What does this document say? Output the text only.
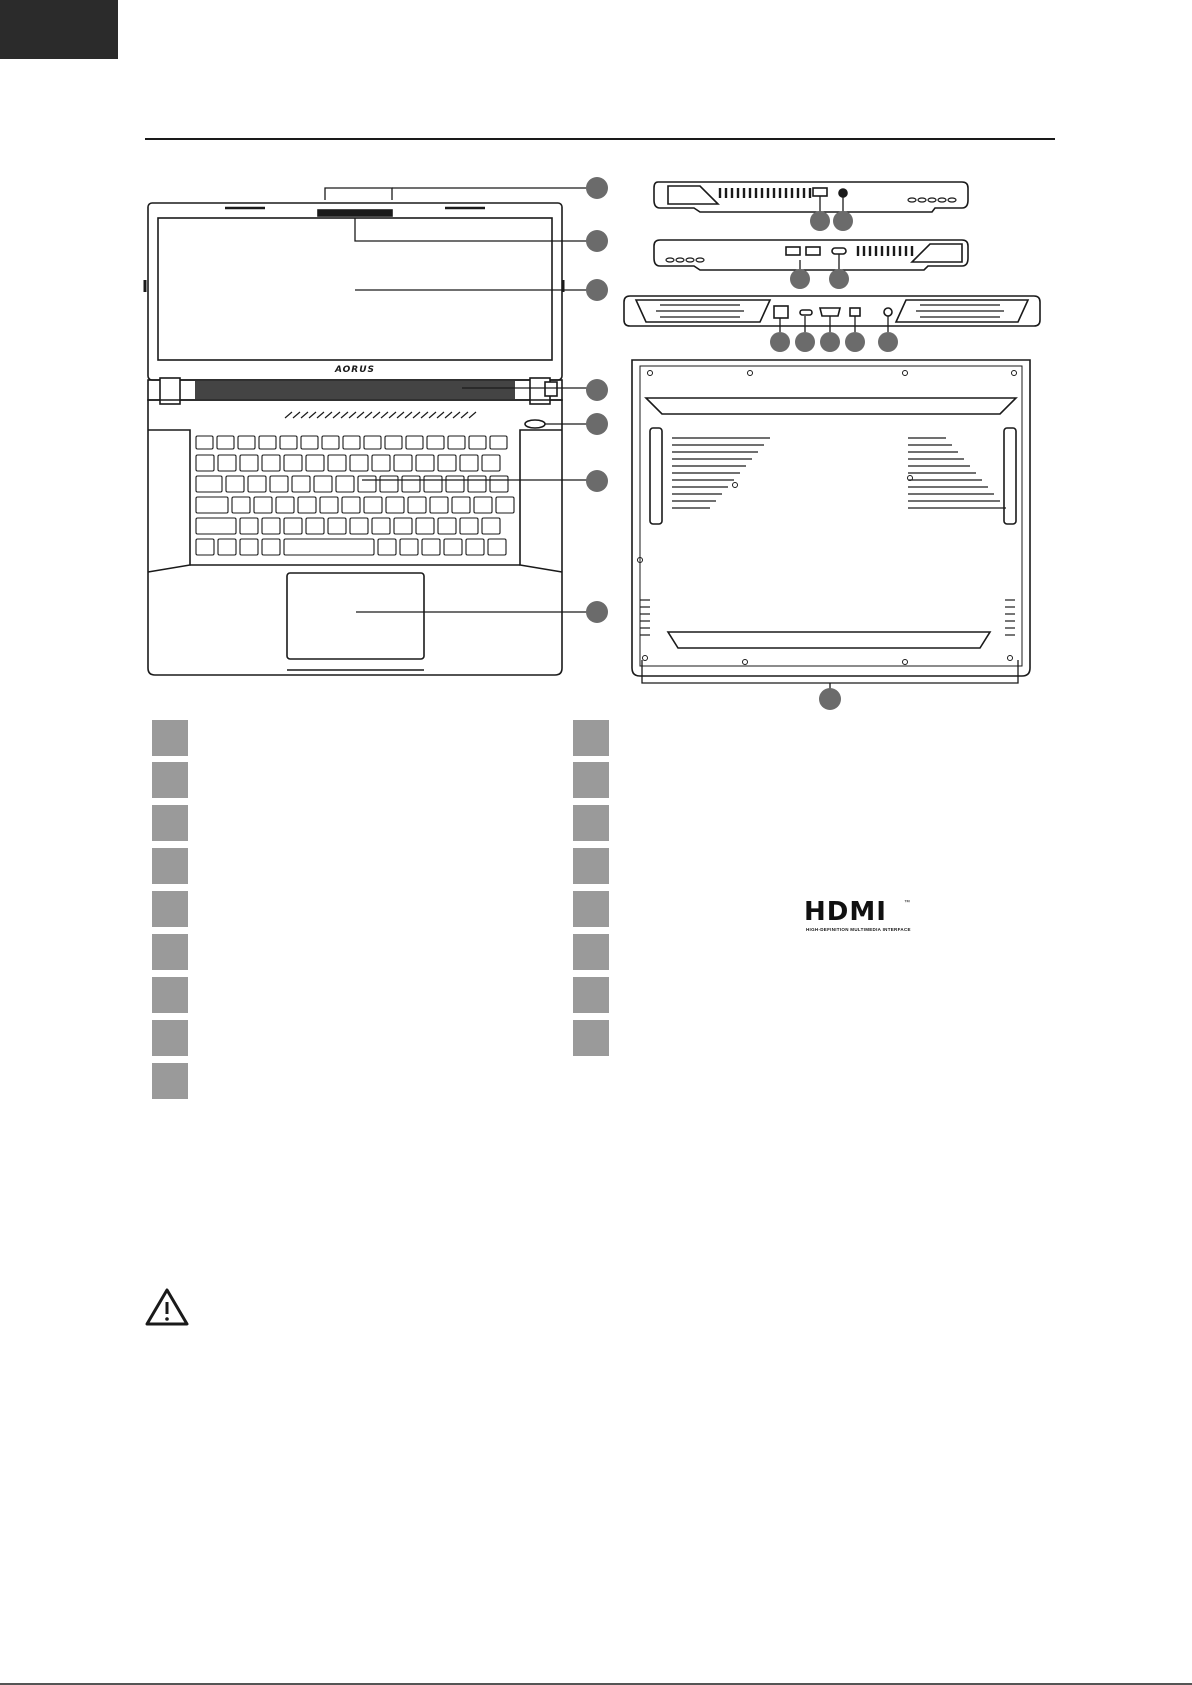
AORUS
HDMI	™
HIGH-DEFINITION MULTIMEDIA INTERFACE
